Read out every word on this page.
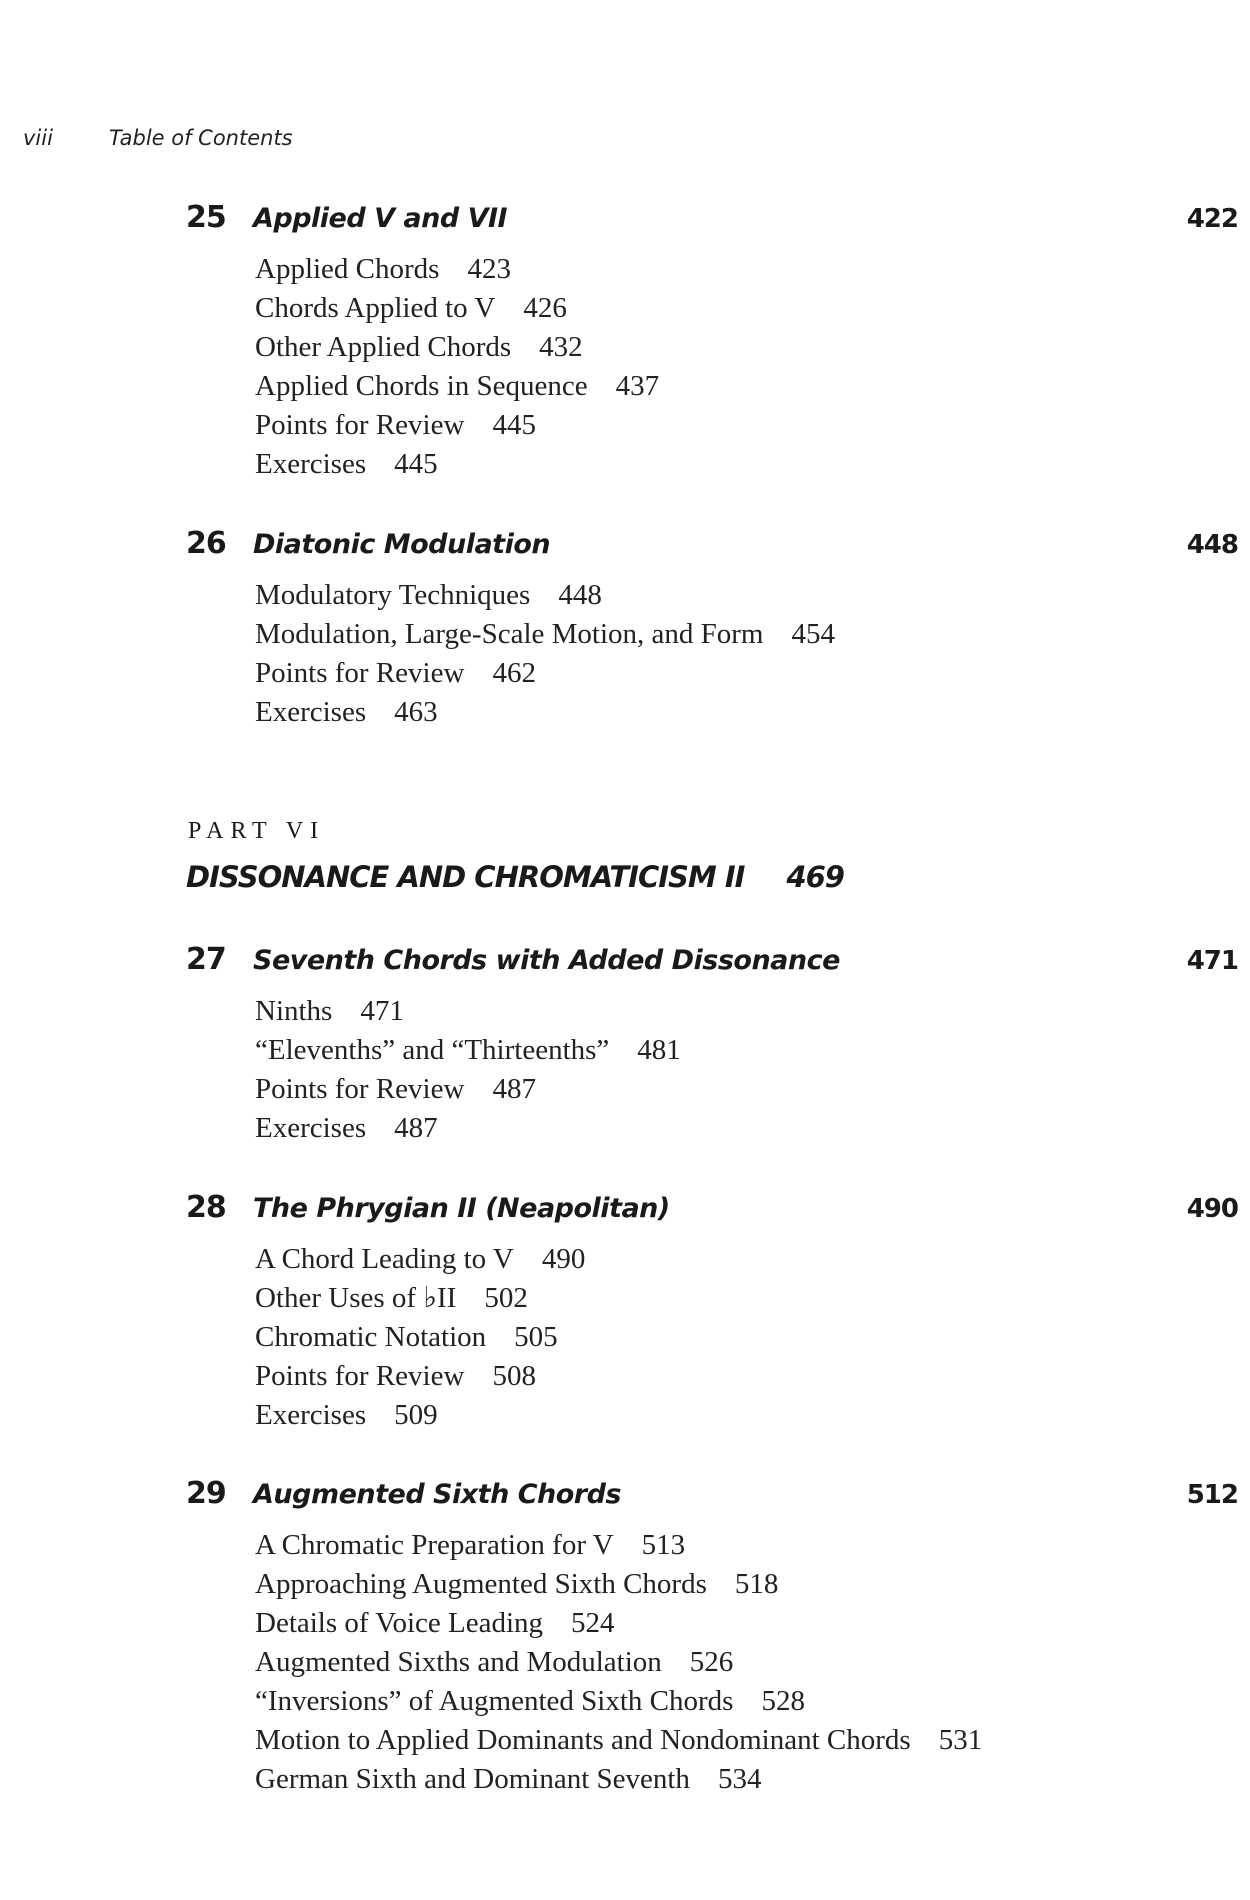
viii	Table of Contents
25 Applied V and VII	422
Applied Chords 423
Chords Applied to V 426
Other Applied Chords 432
Applied Chords in Sequence 437
Points for Review 445
Exercises 445
26 Diatonic Modulation	448
Modulatory Techniques 448
Modulation, Large-Scale Motion, and Form 454
Points for Review 462
Exercises 463
PART VI
DISSONANCE AND CHROMATICISM II 469
27 Seventh Chords with Added Dissonance	471
Ninths 471
“Elevenths” and “Thirteenths” 481
Points for Review 487
Exercises 487
28 The Phrygian II (Neapolitan)	490
A Chord Leading to V 490
Other Uses of ♭II 502
Chromatic Notation 505
Points for Review 508
Exercises 509
29 Augmented Sixth Chords	512
A Chromatic Preparation for V 513
Approaching Augmented Sixth Chords 518
Details of Voice Leading 524
Augmented Sixths and Modulation 526
“Inversions” of Augmented Sixth Chords 528
Motion to Applied Dominants and Nondominant Chords 531
German Sixth and Dominant Seventh 534
